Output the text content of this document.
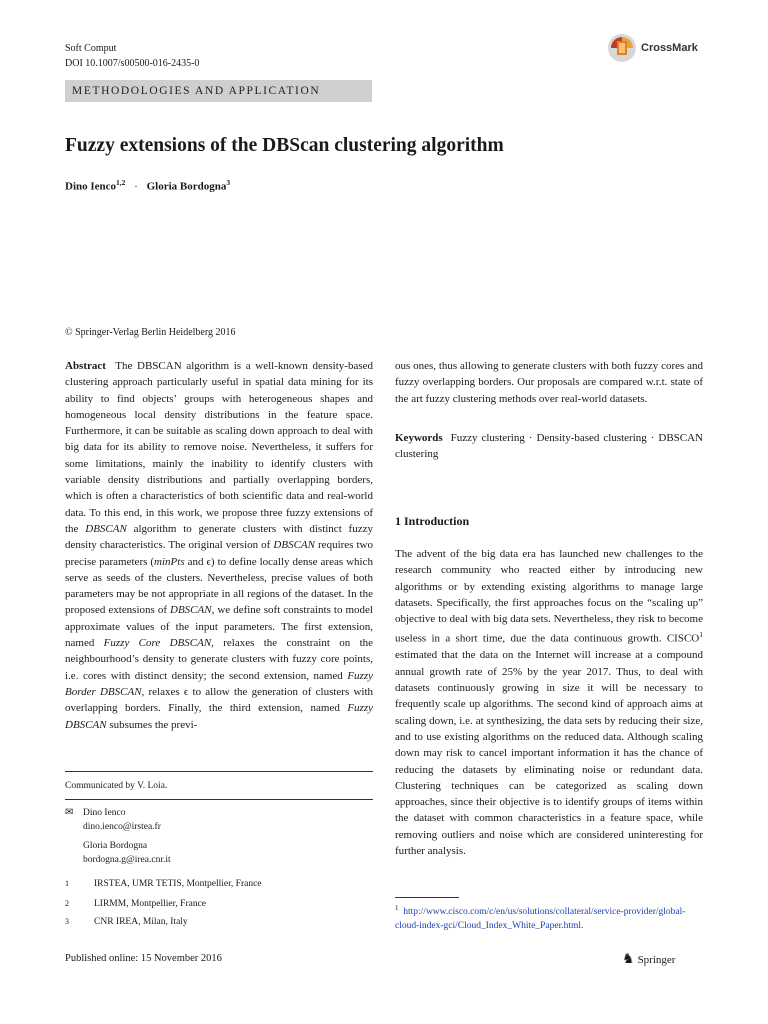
Soft Comput
DOI 10.1007/s00500-016-2435-0
CrossMark
METHODOLOGIES AND APPLICATION
Fuzzy extensions of the DBScan clustering algorithm
Dino Ienco$^{1,2}$ · Gloria Bordogna$^3$
© Springer-Verlag Berlin Heidelberg 2016

Abstract The DBSCAN algorithm is a well-known density-based clustering approach particularly useful in spatial data mining for its ability to find objects’ groups with heterogeneous shapes and homogeneous local density distributions in the feature space. Furthermore, it can be suitable as scaling down approach to deal with big data for its ability to remove noise. Nevertheless, it suffers for some limitations, mainly the inability to identify clusters with variable density distributions and partially overlapping borders, which is often a characteristics of both scientific data and real-world data. To this end, in this work, we propose three fuzzy extensions of the DBSCAN algorithm to generate clusters with distinct fuzzy density characteristics. The original version of DBSCAN requires two precise parameters (minPts and ϵ) to define locally dense areas which serve as seeds of the clusters. Nevertheless, precise values of both parameters may be not appropriate in all regions of the dataset. In the proposed extensions of DBSCAN, we define soft constraints to model approximate values of the input parameters. The first extension, named Fuzzy Core DBSCAN, relaxes the constraint on the neighbourhood’s density to generate clusters with fuzzy core points, i.e. cores with distinct density; the second extension, named Fuzzy Border DBSCAN, relaxes ϵ to allow the generation of clusters with overlapping borders. Finally, the third extension, named Fuzzy DBSCAN subsumes the previ-

ous ones, thus allowing to generate clusters with both fuzzy cores and fuzzy overlapping borders. Our proposals are compared w.r.t. state of the art fuzzy clustering methods over real-world datasets.

Keywords Fuzzy clustering · Density-based clustering · DBSCAN clustering

1 Introduction

The advent of the big data era has launched new challenges to the research community who reacted either by introducing new algorithms or by extending existing algorithms to manage large datasets. Specifically, the first approaches focus on the “scaling up” objective to deal with big data sets. Nevertheless, they risk to become useless in a short time, due the data continuous growth. CISCO$^1$ estimated that the data on the Internet will increase at a compound annual growth rate of 25% by the year 2017. Thus, to deal with datasets continuously growing in size it will be necessary to frequently scale up algorithms. The second kind of approach aims at scaling down, i.e. at synthesizing, the data sets by reducing their size, and to use existing algorithms on the reduced data. Although scaling down may risk to cancel important information it has the chance of reducing the datasets by eliminating noise or redundant data. Clustering techniques can be categorized as scaling down approaches, since their objective is to identify groups of items within the dataset with common characteristics in a feature space, while removing outliers and noise which are considered uninteresting for further analysis.

Communicated by V. Loia.
✉	Dino Ienco
dino.ienco@irstea.fr
Gloria Bordogna
bordogna.g@irea.cnr.it
1	IRSTEA, UMR TETIS, Montpellier, France
2	LIRMM, Montpellier, France
3	CNR IREA, Milan, Italy
$^1$ http://www.cisco.com/c/en/us/solutions/collateral/service-provider/global-cloud-index-gci/Cloud_Index_White_Paper.html.
Published online: 15 November 2016	♞ Springer
